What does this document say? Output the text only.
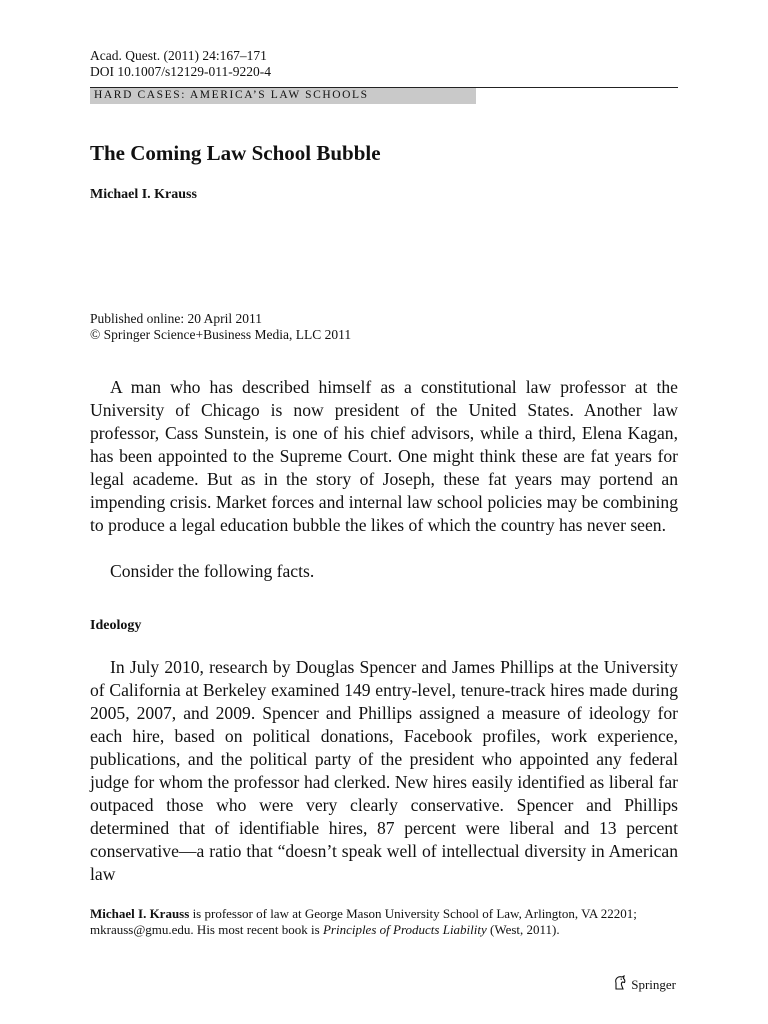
Acad. Quest. (2011) 24:167–171

DOI 10.1007/s12129-011-9220-4

HARD CASES: AMERICA’S LAW SCHOOLS
The Coming Law School Bubble

Michael I. Krauss

Published online: 20 April 2011

© Springer Science+Business Media, LLC 2011

A man who has described himself as a constitutional law professor at the University of Chicago is now president of the United States. Another law professor, Cass Sunstein, is one of his chief advisors, while a third, Elena Kagan, has been appointed to the Supreme Court. One might think these are fat years for legal academe. But as in the story of Joseph, these fat years may portend an impending crisis. Market forces and internal law school policies may be combining to produce a legal education bubble the likes of which the country has never seen.

Consider the following facts.

Ideology

In July 2010, research by Douglas Spencer and James Phillips at the University of California at Berkeley examined 149 entry-level, tenure-track hires made during 2005, 2007, and 2009. Spencer and Phillips assigned a measure of ideology for each hire, based on political donations, Facebook profiles, work experience, publications, and the political party of the president who appointed any federal judge for whom the professor had clerked. New hires easily identified as liberal far outpaced those who were very clearly conservative. Spencer and Phillips determined that of identifiable hires, 87 percent were liberal and 13 percent conservative—a ratio that “doesn’t speak well of intellectual diversity in American law

Michael I. Krauss is professor of law at George Mason University School of Law, Arlington, VA 22201; mkrauss@gmu.edu. His most recent book is Principles of Products Liability (West, 2011).

Springer
